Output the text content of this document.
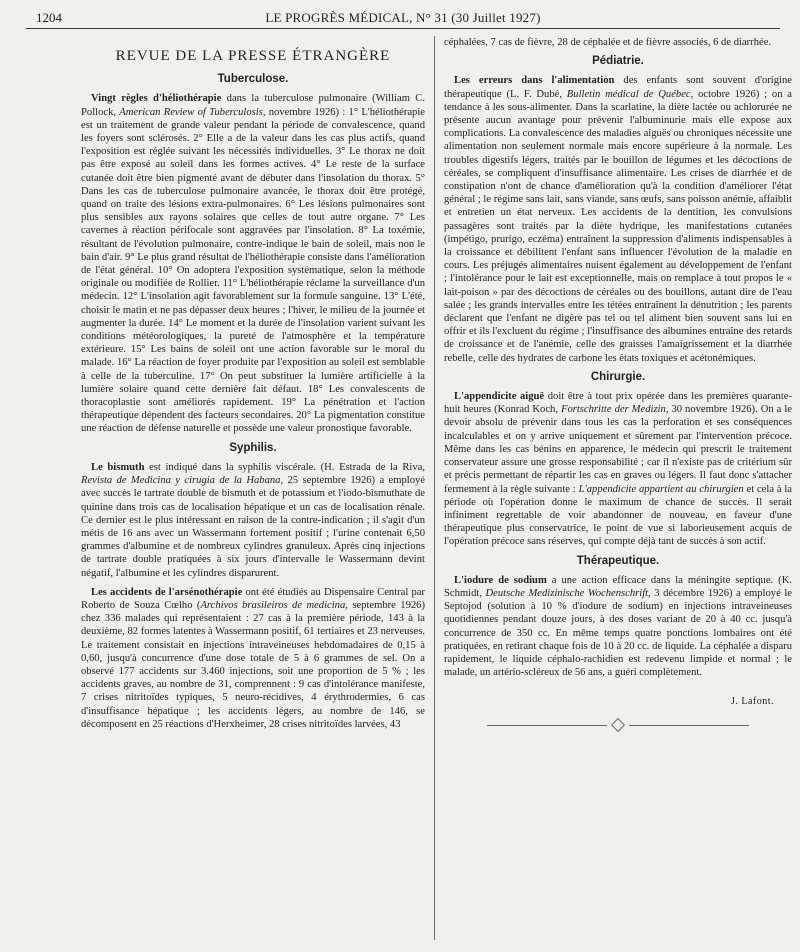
1204	LE PROGRÈS MÉDICAL, N° 31 (30 Juillet 1927)
REVUE DE LA PRESSE ÉTRANGÈRE
Tuberculose.

Vingt règles d'héliothérapie dans la tuberculose pulmonaire (William C. Pollock, American Review of Tuberculosis, novembre 1926) : 1° L'héliothérapie est un traitement de grande valeur pendant la période de convalescence, quand les foyers sont sclérosés. 2° Elle a de la valeur dans les cas plus actifs, quand l'exposition est réglée suivant les nécessités individuelles. 3° Le thorax ne doit pas être exposé au soleil dans les formes actives. 4° Le reste de la surface cutanée doit être bien pigmenté avant de débuter dans l'insolation du thorax. 5° Dans les cas de tuberculose pulmonaire avancée, le thorax doit être protégé, quand on traite des lésions extra-pulmonaires. 6° Les lésions pulmonaires sont plus sensibles aux rayons solaires que celles de tout autre organe. 7° Les cavernes à réaction périfocale sont aggravées par l'insolation. 8° La toxémie, résultant de l'évolution pulmonaire, contre-indique le bain de soleil, mais non le bain d'air. 9° Le plus grand résultat de l'héliothérapie consiste dans l'amélioration de l'état général. 10° On adoptera l'exposition systématique, selon la méthode originale ou modifiée de Rollier. 11° L'héliothérapie réclame la surveillance d'un médecin. 12° L'insolation agit favorablement sur la formule sanguine. 13° L'été, choisir le matin et ne pas dépasser deux heures ; l'hiver, le milieu de la journée et augmenter la durée. 14° Le moment et la durée de l'insolation varient suivant les conditions météorologiques, la pureté de l'atmosphère et la température extérieure. 15° Les bains de soleil ont une action favorable sur le moral du malade. 16° La réaction de foyer produite par l'exposition au soleil est semblable à celle de la tuberculine. 17° On peut substituer la lumière artificielle à la lumière solaire quand cette dernière fait défaut. 18° Les convalescents de thoracoplastie sont améliorés rapidement. 19° La pénétration et l'action thérapeutique dépendent des facteurs secondaires. 20° La pigmentation constitue une réaction de défense naturelle et possède une valeur pronostique favorable.

Syphilis.

Le bismuth est indiqué dans la syphilis viscérale. (H. Estrada de la Riva, Revista de Medicina y cirugia de la Habana, 25 septembre 1926) a employé avec succès le tartrate double de bismuth et de potassium et l'iodo-bismuthate de quinine dans trois cas de localisation hépatique et un cas de localisation rénale. Ce dernier est le plus intéressant en raison de la contre-indication ; il s'agit d'un métis de 16 ans avec un Wassermann fortement positif ; l'urine contenait 6,50 grammes d'albumine et de nombreux cylindres granuleux. Après cinq injections de tartrate double pratiquées à six jours d'intervalle le Wassermann devint négatif, l'albumine et les cylindres disparurent.

Les accidents de l'arsénothérapie ont été étudiés au Dispensaire Central par Roberto de Souza Cœlho (Archivos brasileiros de medicina, septembre 1926) chez 336 malades qui représentaient : 27 cas à la première période, 143 à la deuxième, 82 formes latentes à Wassermann positif, 61 tertiaires et 23 nerveuses. Le traitement consistait en injections intraveineuses hebdomadaires de 0,15 à 0,60, jusqu'à concurrence d'une dose totale de 5 à 6 grammes de sel. On a observé 177 accidents sur 3.460 injections, soit une proportion de 5 % ; les accidents graves, au nombre de 31, comprennent : 9 cas d'intolérance manifeste, 7 crises nitritoïdes typiques, 5 neuro-récidives, 4 érythrodermies, 6 cas d'insuffisance hépatique ; les accidents légers, au nombre de 146, se décomposent en 25 réactions d'Herxheimer, 28 crises nitritoïdes larvées, 43

céphalées, 7 cas de fièvre, 28 de céphalée et de fièvre associés, 6 de diarrhée.

Pédiatrie.

Les erreurs dans l'alimentation des enfants sont souvent d'origine thérapeutique (L. F. Dubé, Bulletin médical de Québec, octobre 1926) ; on a tendance à les sous-alimenter. Dans la scarlatine, la diète lactée ou achlorurée ne présente aucun avantage pour prévenir l'albuminurie mais elle expose aux complications. La convalescence des maladies aiguës ou chroniques nécessite une alimentation non seulement normale mais encore supérieure à la normale. Les troubles digestifs légers, traités par le bouillon de légumes et les décoctions de céréales, se compliquent d'insuffisance alimentaire. Les crises de diarrhée et de constipation n'ont de chance d'amélioration qu'à la condition d'améliorer l'état général ; le régime sans lait, sans viande, sans œufs, sans poisson anémie, affaiblit et entretien un état nerveux. Les accidents de la dentition, les convulsions passagères sont traités par la diète hydrique, les manifestations cutanées (impétigo, prurigo, eczéma) entraînent la suppression d'aliments indispensables à la croissance et débilitent l'enfant sans influencer l'évolution de la maladie en cours. Les préjugés alimentaires nuisent également au développement de l'enfant ; l'intolérance pour le lait est exceptionnelle, mais on remplace à tout propos le « lait-poison » par des décoctions de céréales ou des bouillons, autant dire de l'eau salée ; les grands intervalles entre les tétées entraînent la dénutrition ; les parents déclarent que l'enfant ne digère pas tel ou tel aliment bien souvent sans lui en offrir et ils l'excluent du régime ; l'insuffisance des albumines entraîne des retards de croissance et de l'anémie, celle des graisses l'amaigrissement et la diarrhée rebelle, celle des hydrates de carbone les états toxiques et acétonémiques.

Chirurgie.

L'appendicite aiguë doit être à tout prix opérée dans les premières quarante-huit heures (Konrad Koch, Fortschritte der Medizin, 30 novembre 1926). On a le devoir absolu de prévenir dans tous les cas la perforation et ses conséquences incalculables et on y arrive uniquement et sûrement par l'intervention précoce. Même dans les cas bénins en apparence, le médecin qui prescrit le traitement conservateur assure une grosse responsabilité ; car il n'existe pas de critérium sûr et précis permettant de répartir les cas en graves ou légers. Il faut donc s'attacher fermement à la règle suivante : L'appendicite appartient au chirurgien et cela à la période où l'opération donne le maximum de chance de succès. Il serait infiniment regrettable de voir abandonner de nouveau, en faveur d'une thérapeutique plus conservatrice, le point de vue si laborieusement acquis de l'opération précoce sans réserves, qui compte déjà tant de succès à son actif.

Thérapeutique.

L'iodure de sodium a une action efficace dans la méningite septique. (K. Schmidt, Deutsche Medizinische Wochenschrift, 3 décembre 1926) a employé le Septojod (solution à 10 % d'iodure de sodium) en injections intraveineuses quotidiennes pendant douze jours, à des doses variant de 20 à 40 cc. jusqu'à concurrence de 350 cc. En même temps quatre ponctions lombaires ont été pratiquées, en retirant chaque fois de 10 à 20 cc. de liquide. La céphalée a disparu rapidement, le liquide céphalo-rachidien est redevenu limpide et normal ; le malade, un artério-scléreux de 56 ans, a guéri complètement.

J. Lafont.
